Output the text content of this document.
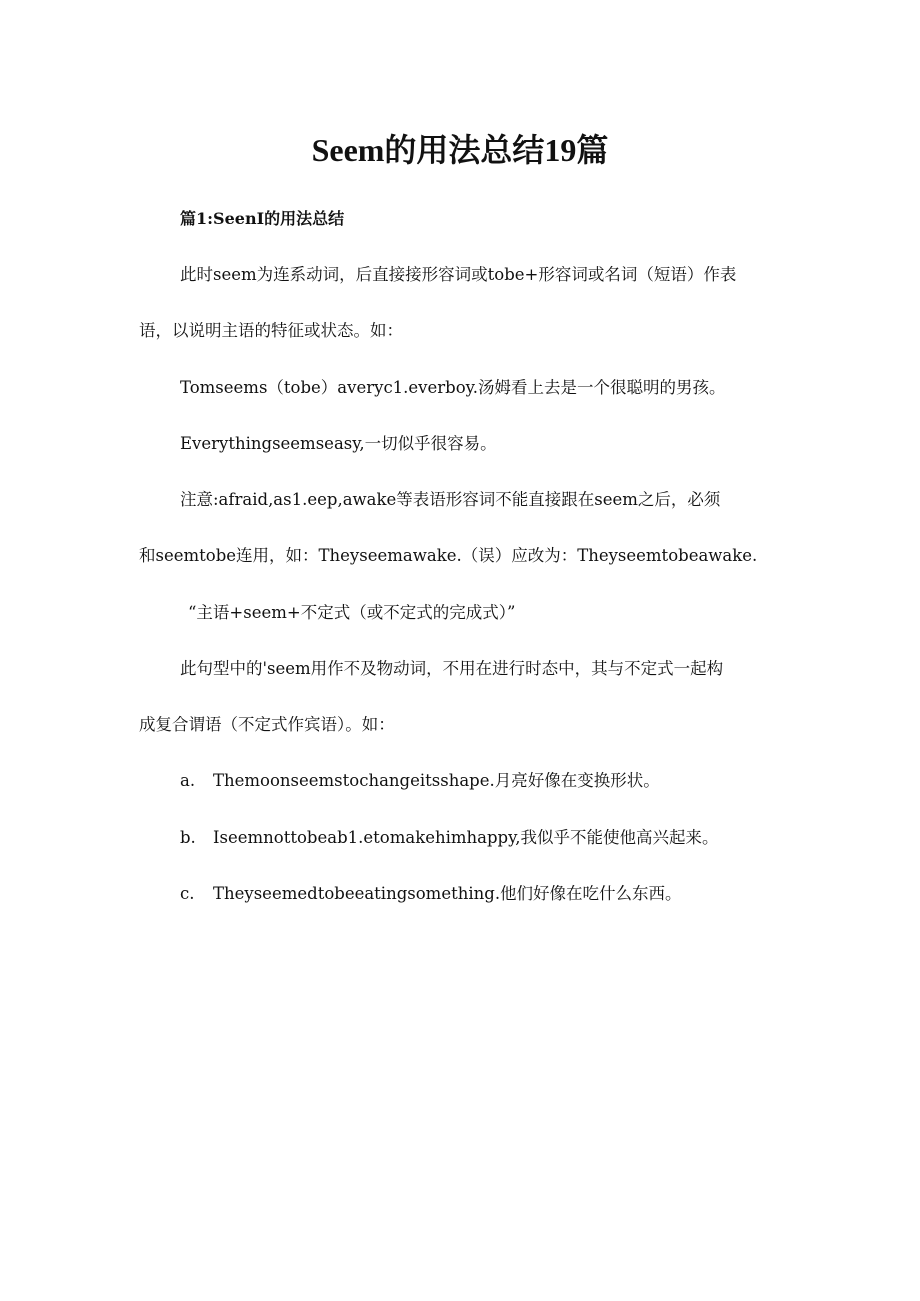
Seem的用法总结19篇
篇1:SeenI的用法总结
此时seem为连系动词，后直接接形容词或tobe+形容词或名词（短语）作表
语，以说明主语的特征或状态。如：
Tomseems（tobe）averyc1.everboy.汤姆看上去是一个很聪明的男孩。
Everythingseemseasy,一切似乎很容易。
注意:afraid,as1.eep,awake等表语形容词不能直接跟在seem之后，必须
和seemtobe连用，如：Theyseemawake.（误）应改为：Theyseemtobeawake.
“主语+seem+不定式（或不定式的完成式）”
此句型中的'seem用作不及物动词，不用在进行时态中，其与不定式一起构
成复合谓语（不定式作宾语）。如：
a. Themoonseemstochangeitsshape.月亮好像在变换形状。
b. Iseemnottobeab1.etomakehimhappy,我似乎不能使他高兴起来。
c. Theyseemedtobeeatingsomething.他们好像在吃什么东西。
